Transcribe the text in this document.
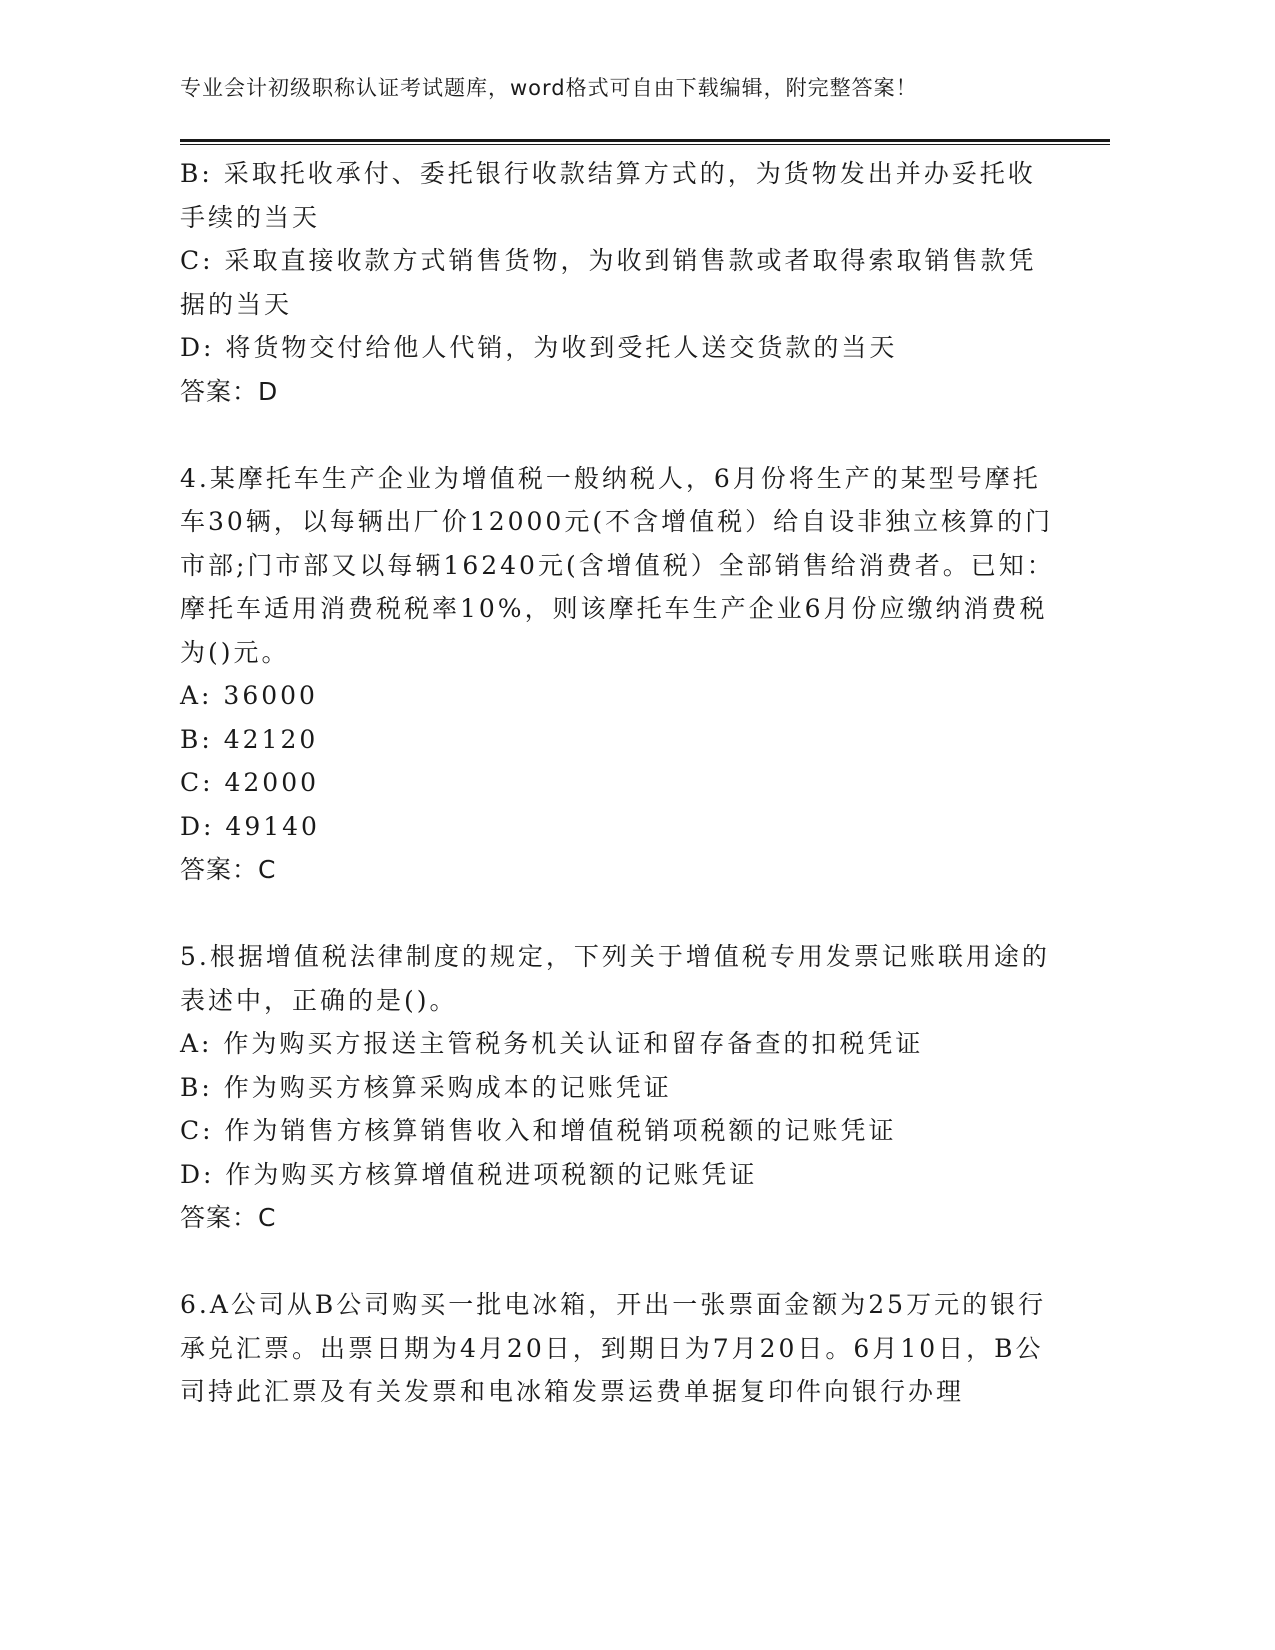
专业会计初级职称认证考试题库，word格式可自由下载编辑，附完整答案！

B: 采取托收承付、委托银行收款结算方式的，为货物发出并办妥托收手续的当天

C: 采取直接收款方式销售货物，为收到销售款或者取得索取销售款凭据的当天

D: 将货物交付给他人代销，为收到受托人送交货款的当天

答案：D

4.某摩托车生产企业为增值税一般纳税人，6月份将生产的某型号摩托车30辆，以每辆出厂价12000元(不含增值税）给自设非独立核算的门市部;门市部又以每辆16240元(含增值税）全部销售给消费者。已知：摩托车适用消费税税率10%，则该摩托车生产企业6月份应缴纳消费税为()元。

A: 36000

B: 42120

C: 42000

D: 49140

答案：C

5.根据增值税法律制度的规定，下列关于增值税专用发票记账联用途的表述中，正确的是()。

A: 作为购买方报送主管税务机关认证和留存备查的扣税凭证

B: 作为购买方核算采购成本的记账凭证

C: 作为销售方核算销售收入和增值税销项税额的记账凭证

D: 作为购买方核算增值税进项税额的记账凭证

答案：C

6.A公司从B公司购买一批电冰箱，开出一张票面金额为25万元的银行承兑汇票。出票日期为4月20日，到期日为7月20日。6月10日，B公司持此汇票及有关发票和电冰箱发票运费单据复印件向银行办理
